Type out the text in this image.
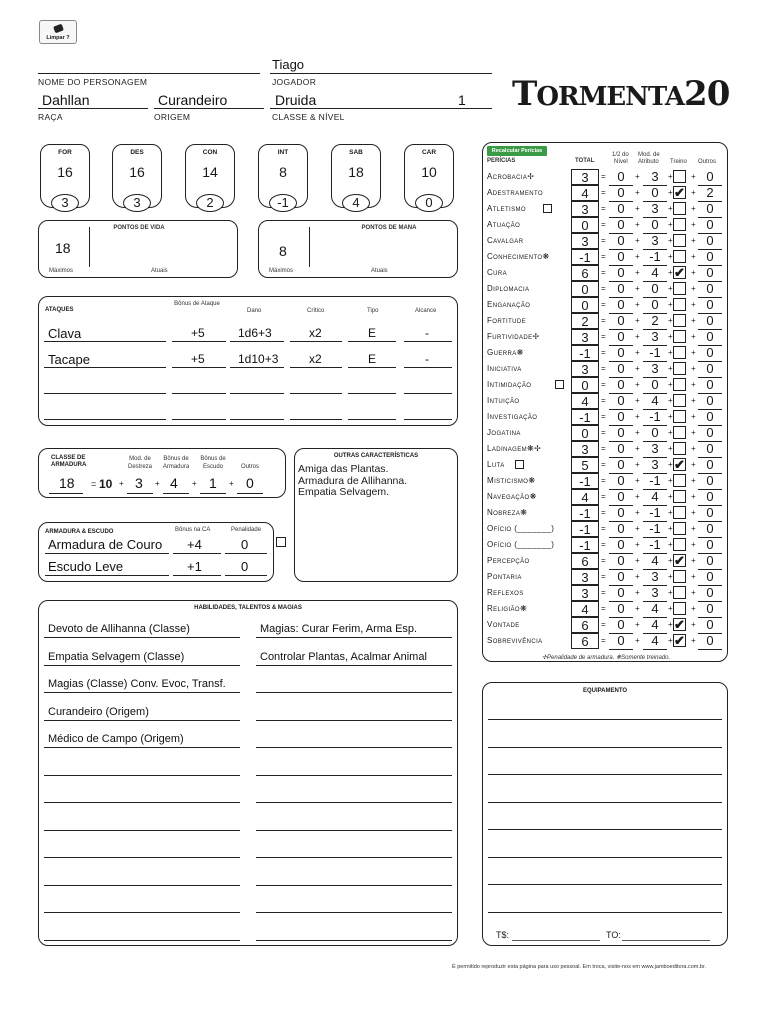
Limpar ?
Tiago
NOME DO PERSONAGEM	JOGADOR
Dahllan	Curandeiro	Druida	1
RAÇA	ORIGEM	CLASSE & NÍVEL
TORMENTA20
FOR
16
3
DES
16
3
CON
14
2
INT
8
-1
SAB
18
4
CAR
10
0
PONTOS DE VIDA
18
Máximos	Atuais
PONTOS DE MANA
8
Máximos	Atuais
ATAQUES
Bônus de Ataque
Dano	Crítico	Tipo	Alcance
Clava	+5	1d6+3	x2	E	-
Tacape	+5	1d10+3	x2	E	-
CLASSE DE
ARMADURA
Mod. de
Destreza
Bônus de
Armadura
Bônus de
Escudo	Outros
18 = 10 + 3 + 4 + 1 + 0
OUTRAS CARACTERÍSTICAS
Amiga das Plantas.
Armadura de Allihanna.
Empatia Selvagem.
ARMADURA & ESCUDO	Bônus na CA	Penalidade
Armadura de Couro +4	0
Escudo Leve	+1	0
HABILIDADES, TALENTOS & MAGIAS
Devoto de Allihanna (Classe)	Magias: Curar Ferim, Arma Esp.
Empatia Selvagem (Classe)	Controlar Plantas, Acalmar Animal
Magias (Classe) Conv. Evoc, Transf.
Curandeiro (Origem)
Médico de Campo (Origem)
Recalcular Perícias
PERÍCIAS	TOTAL
1/2 do
Nível
Mod. de
Atributo Treino Outros
Acrobacia✢	3	= 0	+ 3	+ + 0
Adestramento	4	= 0	+ 0	+ ✔ + 2
Atletismo	3	= 0	+ 3	+ + 0
Atuação	0	= 0	+ 0	+ + 0
Cavalgar	3	= 0	+ 3	+ + 0
Conhecimento❋	-1	= 0	+ -1 + + 0
Cura	6	= 0	+ 4	+ ✔ + 0
Diplomacia	0	= 0	+ 0	+ + 0
Enganação	0	= 0	+ 0	+ + 0
Fortitude	2	= 0	+ 2	+ + 0
Furtividade✢	3	= 0	+ 3	+ + 0
Guerra❋	-1	= 0	+ -1 + + 0
Iniciativa	3	= 0	+ 3	+ + 0
Intimidação	0	= 0	+ 0	+ + 0
Intuição	4	= 0	+ 4	+ + 0
Investigação	-1	= 0	+ -1 + + 0
Jogatina	0	= 0	+ 0	+ + 0
Ladinagem❋✢	3	= 0	+ 3	+ + 0
Luta	5	= 0	+ 3	+ ✔ + 0
Misticismo❋	-1	= 0	+ -1 + + 0
Navegação❋	4	= 0	+ 4	+ + 0
Nobreza❋	-1	= 0	+ -1 + + 0
Ofício (_______)	-1	= 0	+ -1 + + 0
Ofício (_______)	-1	= 0	+ -1 + + 0
Percepção	6	= 0	+ 4	+ ✔ + 0
Pontaria	3	= 0	+ 3	+ + 0
Reflexos	3	= 0	+ 3	+ + 0
Religião❋	4	= 0	+ 4	+ + 0
Vontade	6	= 0	+ 4	+ ✔ + 0
Sobrevivência	6	= 0	+ 4	+ ✔ + 0
✢Penalidade de armadura. ❋Somente treinado.
EQUIPAMENTO
T$:	TO:
É permitido reproduzir esta página para uso pessoal. Em troca, visite-nos em www.jamboeditora.com.br.
